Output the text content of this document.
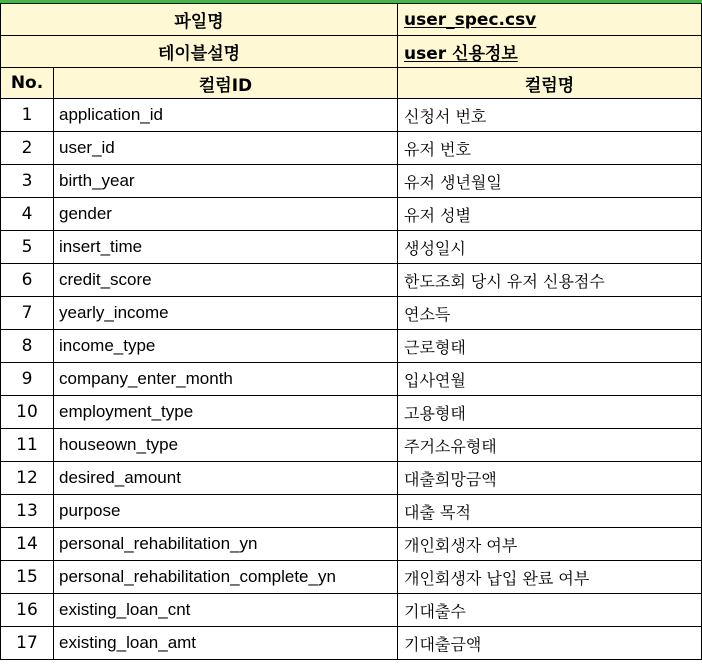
파일명		user_spec.csv
테이블설명		user 신용정보
No.	컬럼ID	컬럼명
1	application_id	신청서 번호
2	user_id	유저 번호
3	birth_year	유저 생년월일
4	gender	유저 성별
5	insert_time	생성일시
6	credit_score	한도조회 당시 유저 신용점수
7	yearly_income	연소득
8	income_type	근로형태
9	company_enter_month	입사연월
10	employment_type	고용형태
11	houseown_type	주거소유형태
12	desired_amount	대출희망금액
13	purpose	대출 목적
14	personal_rehabilitation_yn	개인회생자 여부
15	personal_rehabilitation_complete_yn	개인회생자 납입 완료 여부
16	existing_loan_cnt	기대출수
17	existing_loan_amt	기대출금액
